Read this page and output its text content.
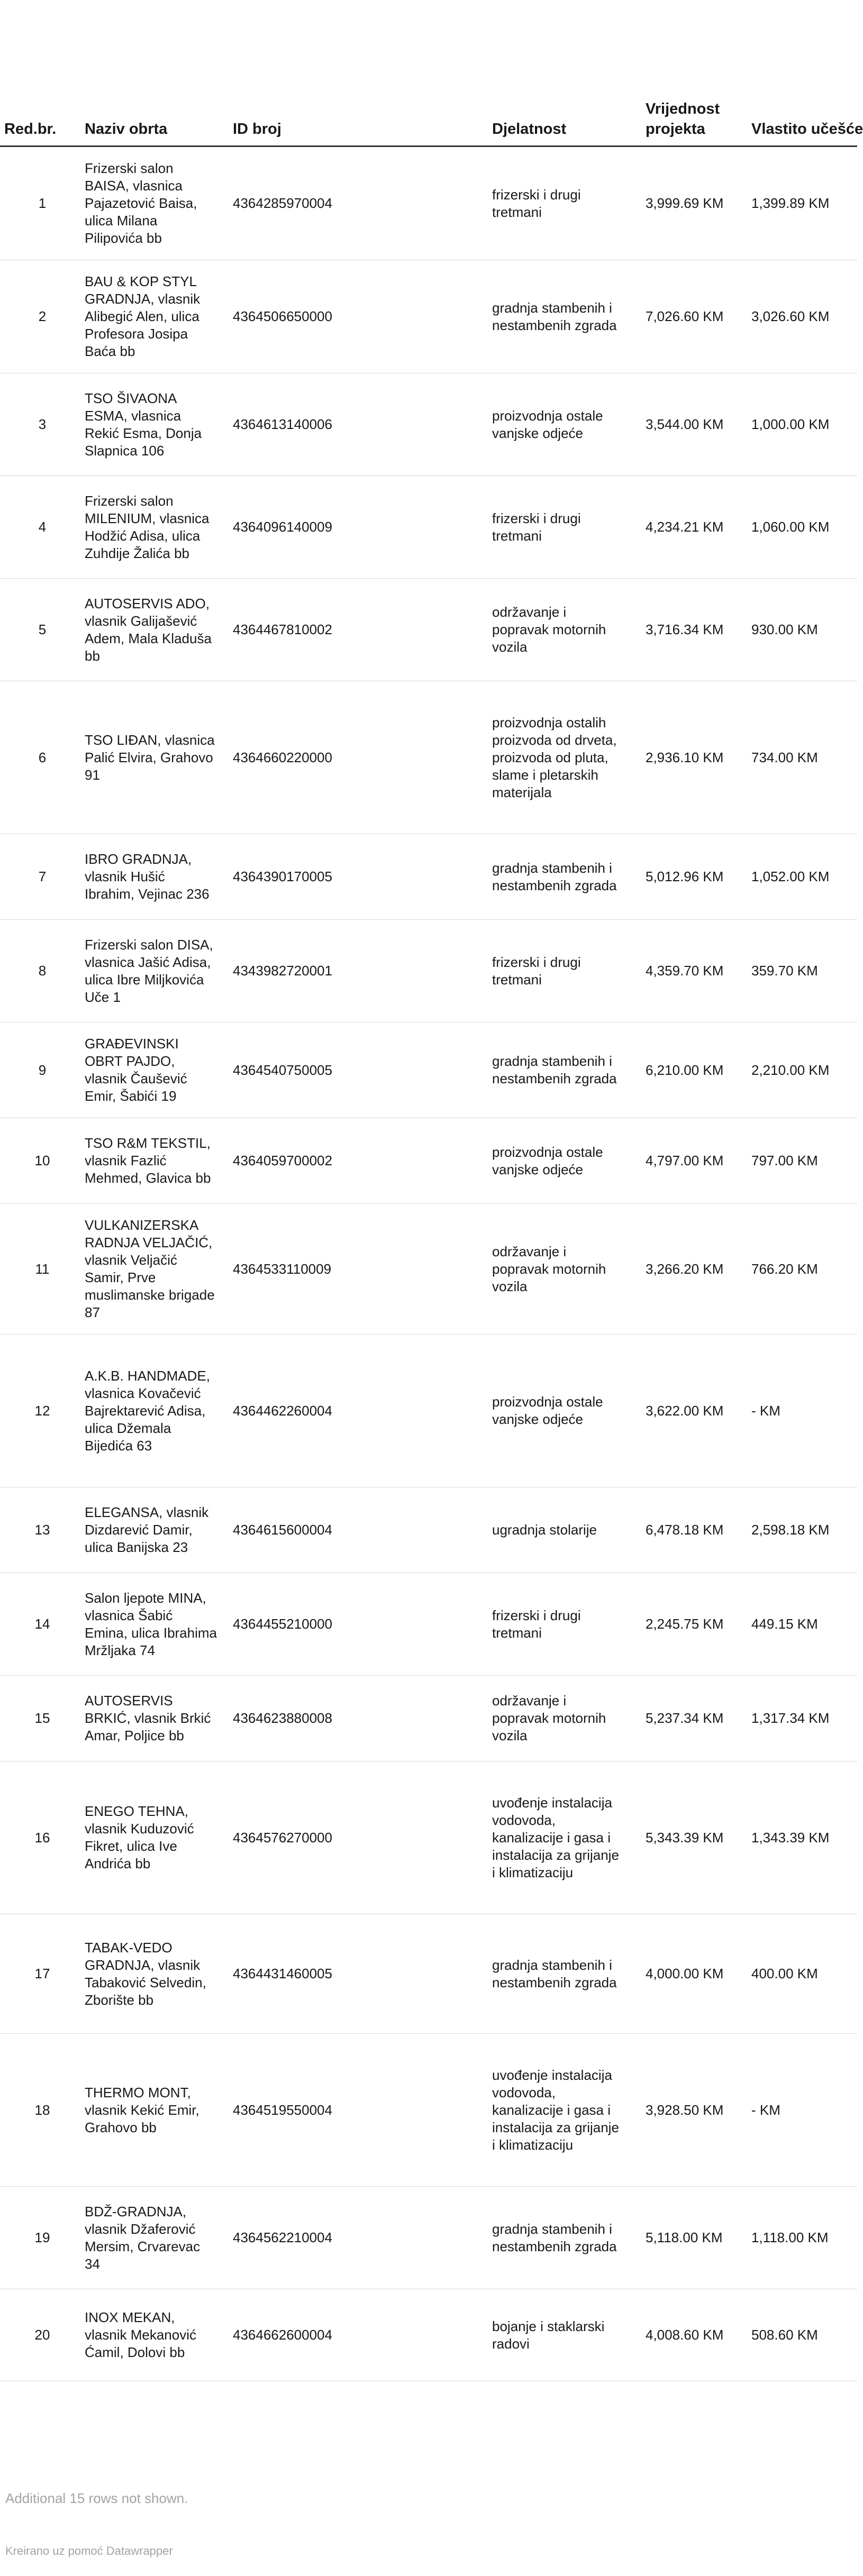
Red.br.	Naziv obrta	ID broj	Djelatnost	Vrijednost projekta	Vlastito učešće
1	Frizerski salon BAISA, vlasnica Pajazetović Baisa, ulica Milana Pilipovića bb	4364285970004	frizerski i drugi tretmani	3,999.69 KM	1,399.89 KM
2	BAU & KOP STYL GRADNJA, vlasnik Alibegić Alen, ulica Profesora Josipa Baća bb	4364506650000	gradnja stambenih i nestambenih zgrada	7,026.60 KM	3,026.60 KM
3	TSO ŠIVAONA ESMA, vlasnica Rekić Esma, Donja Slapnica 106	4364613140006	proizvodnja ostale vanjske odjeće	3,544.00 KM	1,000.00 KM
4	Frizerski salon MILENIUM, vlasnica Hodžić Adisa, ulica Zuhdije Žalića bb	4364096140009	frizerski i drugi tretmani	4,234.21 KM	1,060.00 KM
5	AUTOSERVIS ADO, vlasnik Galijašević Adem, Mala Kladuša bb	4364467810002	održavanje i popravak motornih vozila	3,716.34 KM	930.00 KM
6	TSO LIĐAN, vlasnica Palić Elvira, Grahovo 91	4364660220000	proizvodnja ostalih proizvoda od drveta, proizvoda od pluta, slame i pletarskih materijala	2,936.10 KM	734.00 KM
7	IBRO GRADNJA, vlasnik Hušić Ibrahim, Vejinac 236	4364390170005	gradnja stambenih i nestambenih zgrada	5,012.96 KM	1,052.00 KM
8	Frizerski salon DISA, vlasnica Jašić Adisa, ulica Ibre Miljkovića Uče 1	4343982720001	frizerski i drugi tretmani	4,359.70 KM	359.70 KM
9	GRAĐEVINSKI OBRT PAJDO, vlasnik Čaušević Emir, Šabići 19	4364540750005	gradnja stambenih i nestambenih zgrada	6,210.00 KM	2,210.00 KM
10	TSO R&M TEKSTIL, vlasnik Fazlić Mehmed, Glavica bb	4364059700002	proizvodnja ostale vanjske odjeće	4,797.00 KM	797.00 KM
11	VULKANIZERSKA RADNJA VELJAČIĆ, vlasnik Veljačić Samir, Prve muslimanske brigade 87	4364533110009	održavanje i popravak motornih vozila	3,266.20 KM	766.20 KM
12	A.K.B. HANDMADE, vlasnica Kovačević Bajrektarević Adisa, ulica Džemala Bijedića 63	4364462260004	proizvodnja ostale vanjske odjeće	3,622.00 KM	- KM
13	ELEGANSA, vlasnik Dizdarević Damir, ulica Banijska 23	4364615600004	ugradnja stolarije	6,478.18 KM	2,598.18 KM
14	Salon ljepote MINA, vlasnica Šabić Emina, ulica Ibrahima Mržljaka 74	4364455210000	frizerski i drugi tretmani	2,245.75 KM	449.15 KM
15	AUTOSERVIS BRKIĆ, vlasnik Brkić Amar, Poljice bb	4364623880008	održavanje i popravak motornih vozila	5,237.34 KM	1,317.34 KM
16	ENEGO TEHNA, vlasnik Kuduzović Fikret, ulica Ive Andrića bb	4364576270000	uvođenje instalacija vodovoda, kanalizacije i gasa i instalacija za grijanje i klimatizaciju	5,343.39 KM	1,343.39 KM
17	TABAK-VEDO GRADNJA, vlasnik Tabaković Selvedin, Zborište bb	4364431460005	gradnja stambenih i nestambenih zgrada	4,000.00 KM	400.00 KM
18	THERMO MONT, vlasnik Kekić Emir, Grahovo bb	4364519550004	uvođenje instalacija vodovoda, kanalizacije i gasa i instalacija za grijanje i klimatizaciju	3,928.50 KM	- KM
19	BDŽ-GRADNJA, vlasnik Džaferović Mersim, Crvarevac 34	4364562210004	gradnja stambenih i nestambenih zgrada	5,118.00 KM	1,118.00 KM
20	INOX MEKAN, vlasnik Mekanović Ćamil, Dolovi bb	4364662600004	bojanje i staklarski radovi	4,008.60 KM	508.60 KM
Additional 15 rows not shown.
Kreirano uz pomoć Datawrapper
